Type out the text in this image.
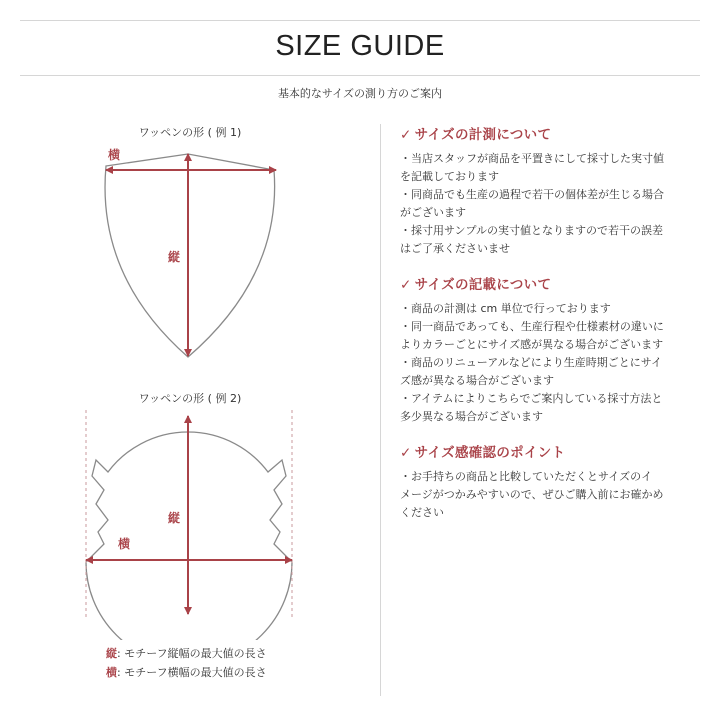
SIZE GUIDE
基本的なサイズの測り方のご案内
ワッペンの形 ( 例 1)
横
縦
横
縦
ワッペンの形 ( 例 2)
縦: モチーフ縦幅の最大値の長さ
横: モチーフ横幅の最大値の長さ
✓ サイズの計測について
・当店スタッフが商品を平置きにして採寸した実寸値
を記載しております
・同商品でも生産の過程で若干の個体差が生じる場合
がございます
・採寸用サンプルの実寸値となりますので若干の誤差
はご了承くださいませ
✓ サイズの記載について
・商品の計測は cm 単位で行っております
・同一商品であっても、生産行程や仕様素材の違いに
よりカラーごとにサイズ感が異なる場合がございます
・商品のリニューアルなどにより生産時期ごとにサイ
ズ感が異なる場合がございます
・アイテムによりこちらでご案内している採寸方法と
多少異なる場合がございます
✓ サイズ感確認のポイント
・お手持ちの商品と比較していただくとサイズのイ
メージがつかみやすいので、ぜひご購入前にお確かめ
ください
